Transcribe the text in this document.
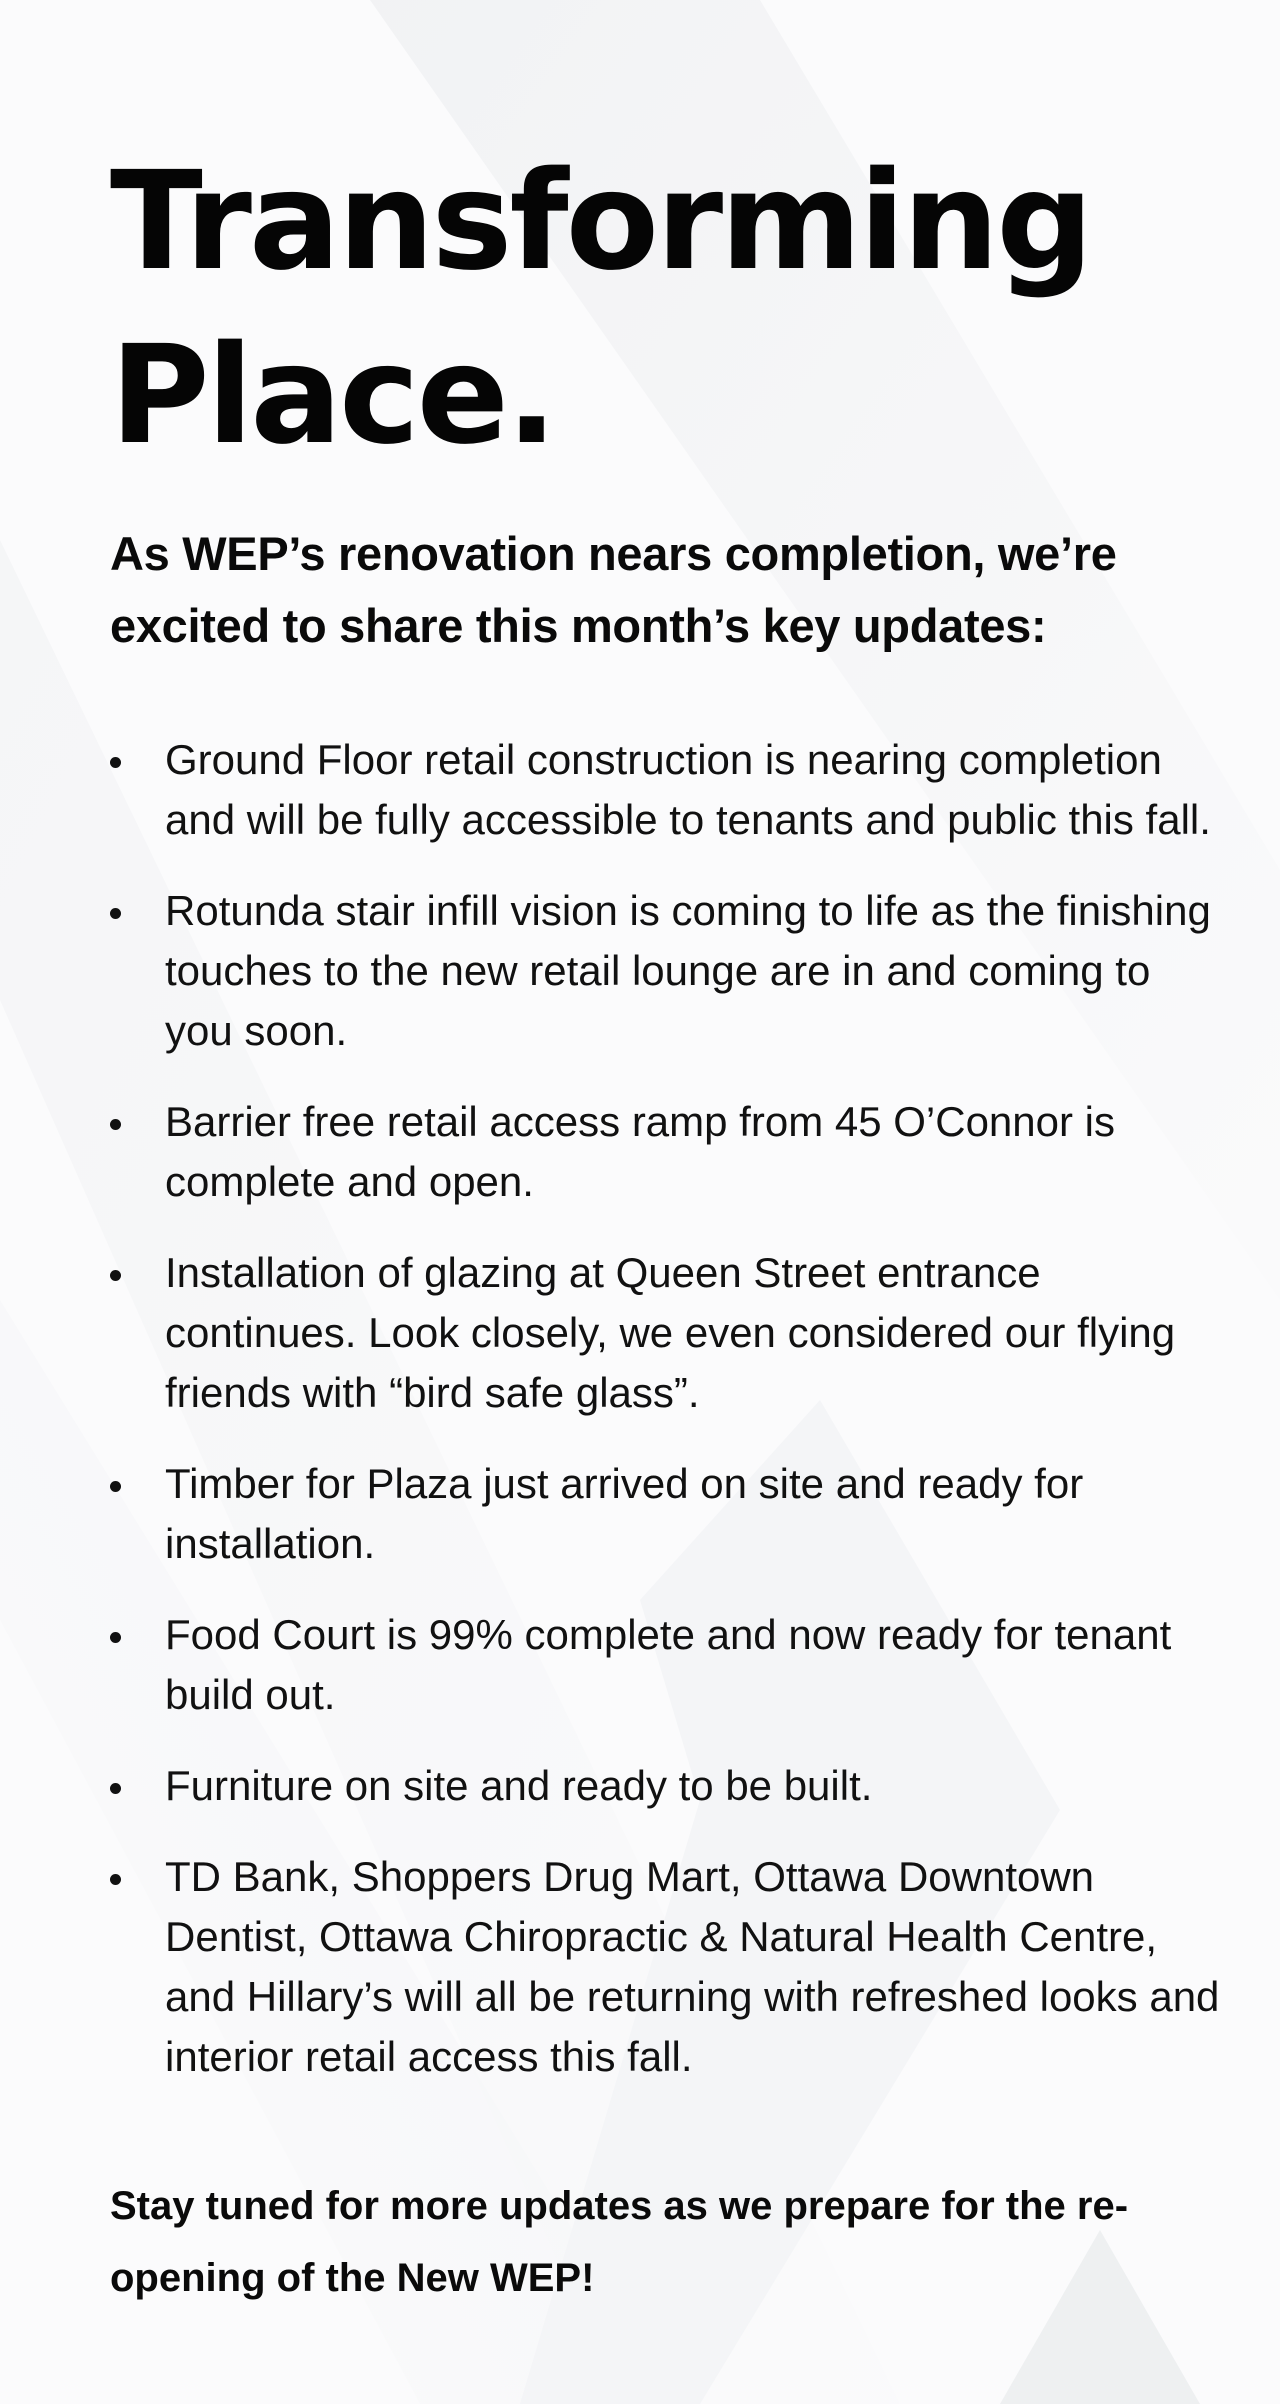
Transforming
Place.

As WEP’s renovation nears completion, we’re excited to share this month’s key updates:

Ground Floor retail construction is nearing completion and will be fully accessible to tenants and public this fall.
Rotunda stair infill vision is coming to life as the finishing touches to the new retail lounge are in and coming to you soon.
Barrier free retail access ramp from 45 O’Connor is complete and open.
Installation of glazing at Queen Street entrance continues. Look closely, we even considered our flying friends with “bird safe glass”.
Timber for Plaza just arrived on site and ready for installation.
Food Court is 99% complete and now ready for tenant build out.
Furniture on site and ready to be built.
TD Bank, Shoppers Drug Mart, Ottawa Downtown Dentist, Ottawa Chiropractic & Natural Health Centre, and Hillary’s will all be returning with refreshed looks and interior retail access this fall.

Stay tuned for more updates as we prepare for the re-opening of the New WEP!
